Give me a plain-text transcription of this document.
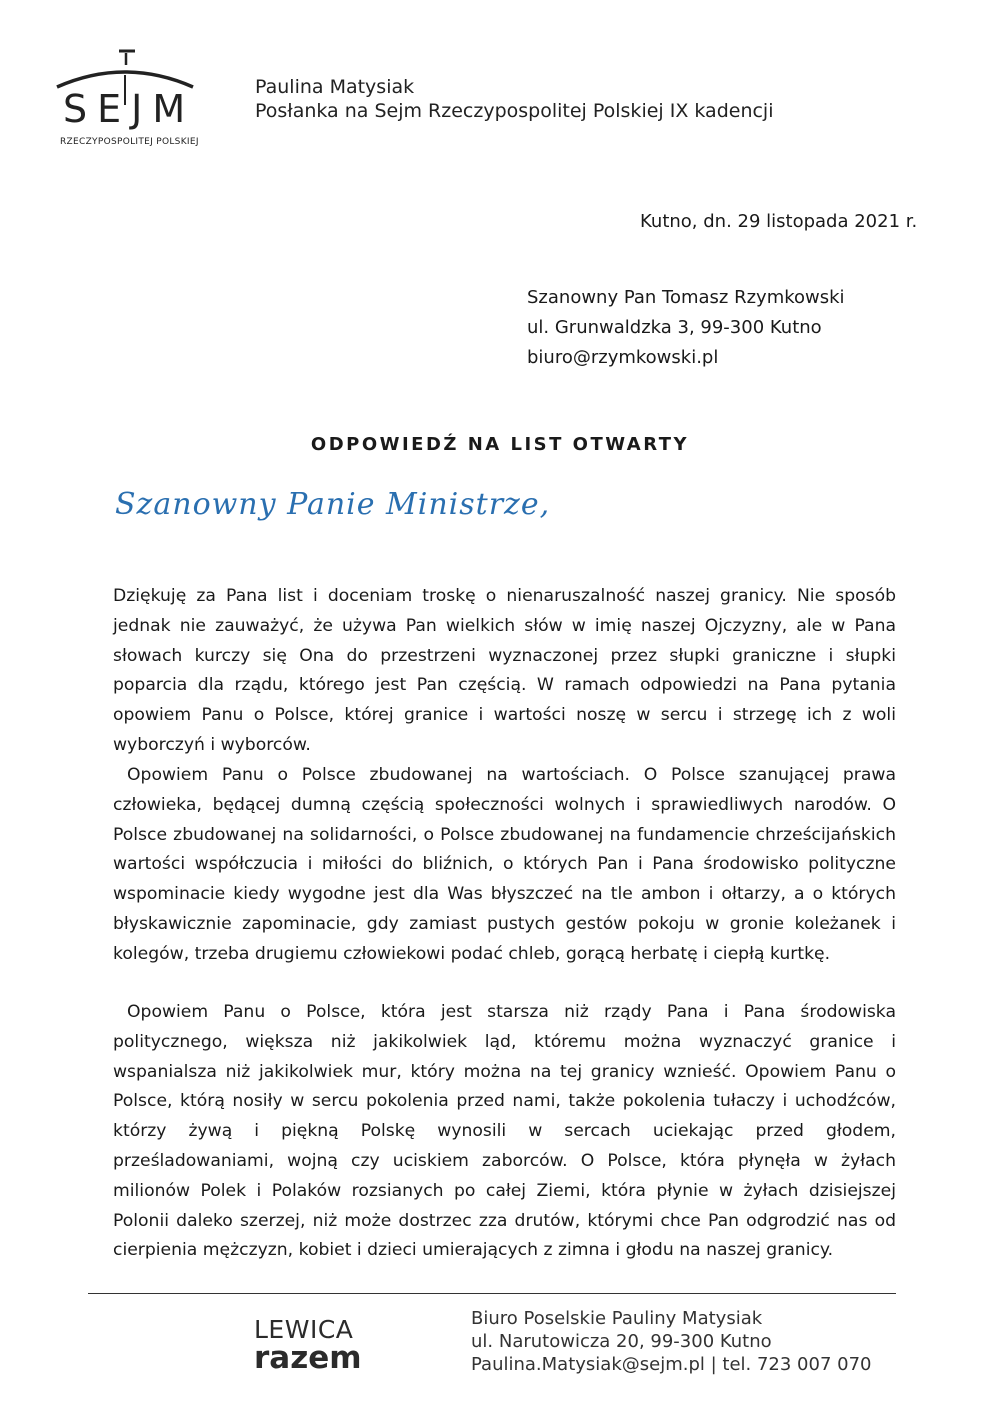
SEJM
RZECZYPOSPOLITEJ POLSKIEJ
Paulina Matysiak
Posłanka na Sejm Rzeczypospolitej Polskiej IX kadencji
Kutno, dn. 29 listopada 2021 r.
Szanowny Pan Tomasz Rzymkowski
ul. Grunwaldzka 3, 99-300 Kutno
biuro@rzymkowski.pl
ODPOWIEDŹ NA LIST OTWARTY
Szanowny Panie Ministrze,

Dziękuję za Pana list i doceniam troskę o nienaruszalność naszej granicy. Nie sposób jednak nie zauważyć, że używa Pan wielkich słów w imię naszej Ojczyzny, ale w Pana słowach kurczy się Ona do przestrzeni wyznaczonej przez słupki graniczne i słupki poparcia dla rządu, którego jest Pan częścią. W ramach odpowiedzi na Pana pytania opowiem Panu o Polsce, której granice i wartości noszę w sercu i strzegę ich z woli wyborczyń i wyborców.

Opowiem Panu o Polsce zbudowanej na wartościach. O Polsce szanującej prawa człowieka, będącej dumną częścią społeczności wolnych i sprawiedliwych narodów. O Polsce zbudowanej na solidarności, o Polsce zbudowanej na fundamencie chrześcijańskich wartości współczucia i miłości do bliźnich, o których Pan i Pana środowisko polityczne wspominacie kiedy wygodne jest dla Was błyszczeć na tle ambon i ołtarzy, a o których błyskawicznie zapominacie, gdy zamiast pustych gestów pokoju w gronie koleżanek i kolegów, trzeba drugiemu człowiekowi podać chleb, gorącą herbatę i ciepłą kurtkę.

Opowiem Panu o Polsce, która jest starsza niż rządy Pana i Pana środowiska politycznego, większa niż jakikolwiek ląd, któremu można wyznaczyć granice i wspanialsza niż jakikolwiek mur, który można na tej granicy wznieść. Opowiem Panu o Polsce, którą nosiły w sercu pokolenia przed nami, także pokolenia tułaczy i uchodźców, którzy żywą i piękną Polskę wynosili w sercach uciekając przed głodem, prześladowaniami, wojną czy uciskiem zaborców. O Polsce, która płynęła w żyłach milionów Polek i Polaków rozsianych po całej Ziemi, która płynie w żyłach dzisiejszej Polonii daleko szerzej, niż może dostrzec zza drutów, którymi chce Pan odgrodzić nas od cierpienia mężczyzn, kobiet i dzieci umierających z zimna i głodu na naszej granicy.

LEWICA
razem
Biuro Poselskie Pauliny Matysiak
ul. Narutowicza 20, 99-300 Kutno
Paulina.Matysiak@sejm.pl | tel. 723 007 070
